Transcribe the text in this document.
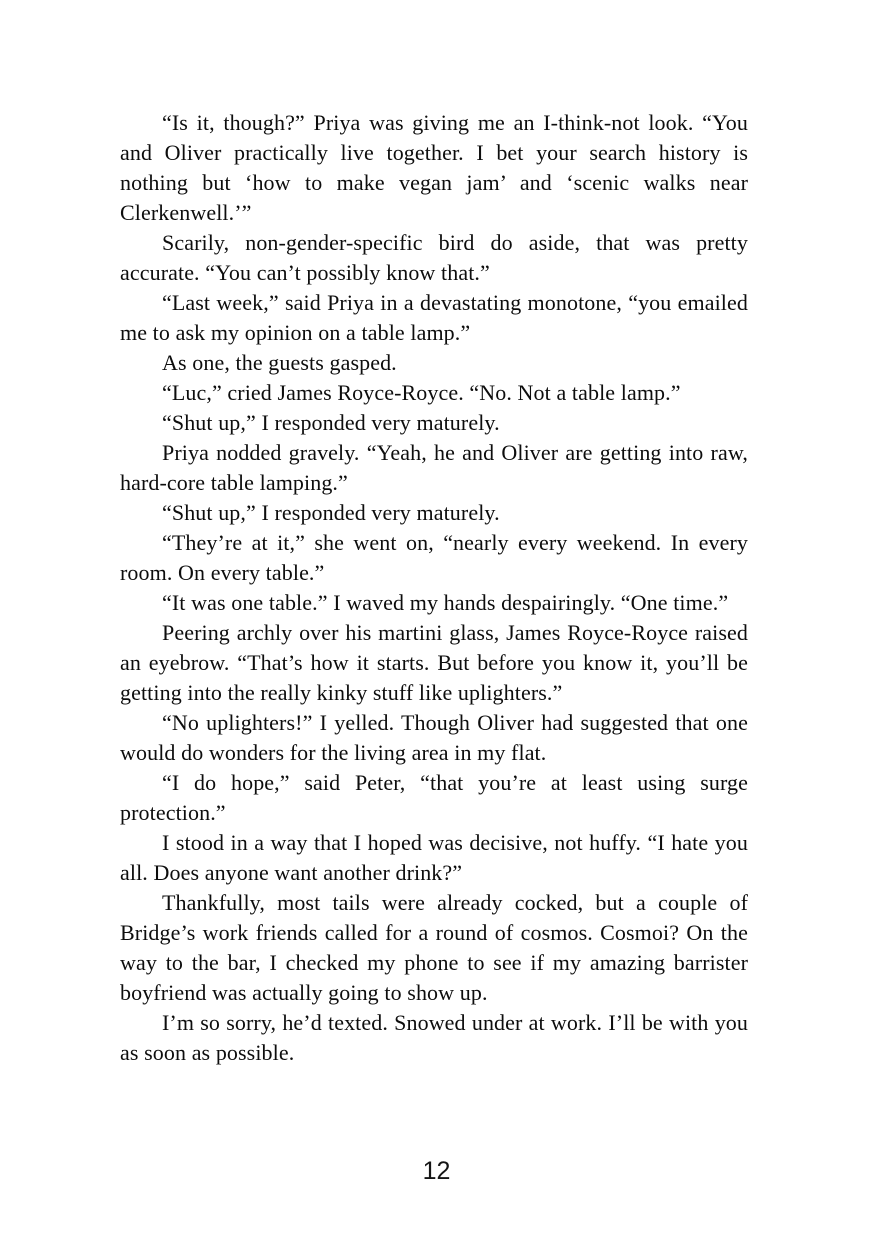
“Is it, though?” Priya was giving me an I-think-not look. “You and Oliver practically live together. I bet your search history is nothing but ‘how to make vegan jam’ and ‘scenic walks near Clerkenwell.’”

Scarily, non-gender-specific bird do aside, that was pretty accurate. “You can’t possibly know that.”

“Last week,” said Priya in a devastating monotone, “you emailed me to ask my opinion on a table lamp.”

As one, the guests gasped.

“Luc,” cried James Royce-Royce. “No. Not a table lamp.”

“Shut up,” I responded very maturely.

Priya nodded gravely. “Yeah, he and Oliver are getting into raw, hard-core table lamping.”

“Shut up,” I responded very maturely.

“They’re at it,” she went on, “nearly every weekend. In every room. On every table.”

“It was one table.” I waved my hands despairingly. “One time.”

Peering archly over his martini glass, James Royce-Royce raised an eyebrow. “That’s how it starts. But before you know it, you’ll be getting into the really kinky stuff like uplighters.”

“No uplighters!” I yelled. Though Oliver had suggested that one would do wonders for the living area in my flat.

“I do hope,” said Peter, “that you’re at least using surge protection.”

I stood in a way that I hoped was decisive, not huffy. “I hate you all. Does anyone want another drink?”

Thankfully, most tails were already cocked, but a couple of Bridge’s work friends called for a round of cosmos. Cosmoi? On the way to the bar, I checked my phone to see if my amazing barrister boyfriend was actually going to show up.

I’m so sorry, he’d texted. Snowed under at work. I’ll be with you as soon as possible.

12
